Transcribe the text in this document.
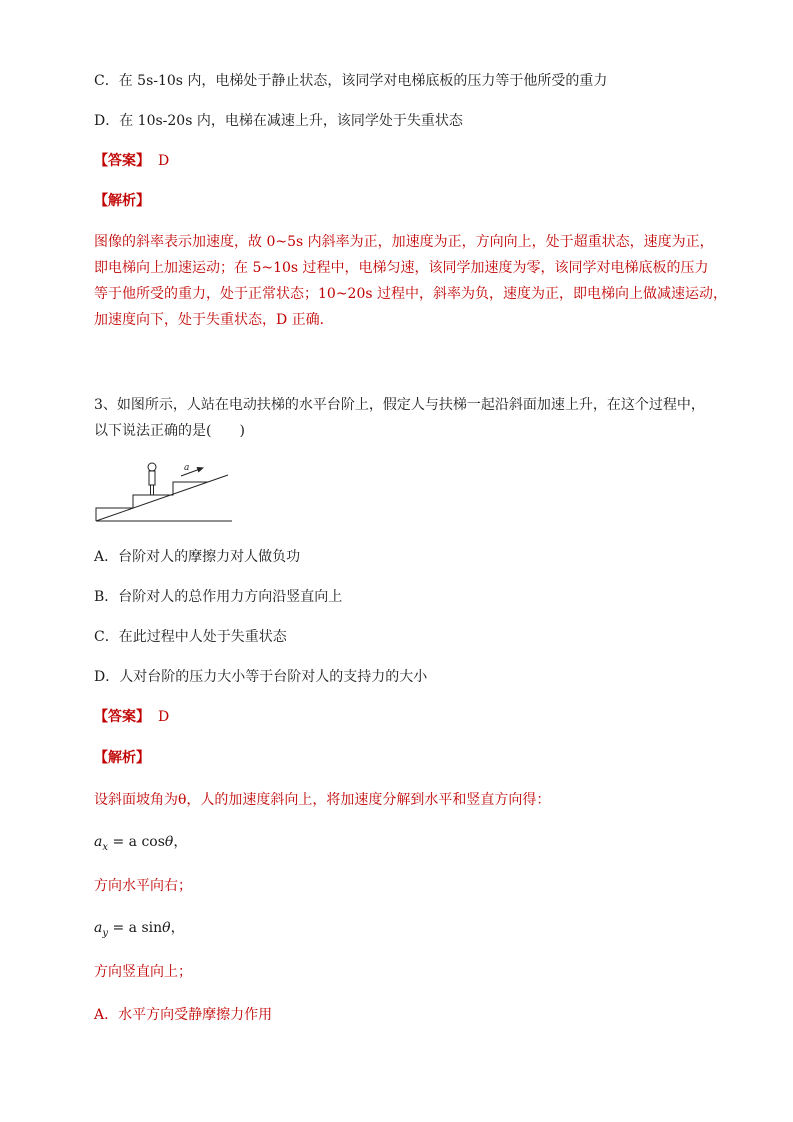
C．在 5s-10s 内，电梯处于静止状态，该同学对电梯底板的压力等于他所受的重力
D．在 10s-20s 内，电梯在减速上升，该同学处于失重状态
【答案】 D
【解析】
图像的斜率表示加速度，故 0~5s 内斜率为正，加速度为正，方向向上，处于超重状态，速度为正，
即电梯向上加速运动；在 5~10s 过程中，电梯匀速，该同学加速度为零，该同学对电梯底板的压力
等于他所受的重力，处于正常状态；10~20s 过程中，斜率为负，速度为正，即电梯向上做减速运动，
加速度向下，处于失重状态，D 正确．
3、如图所示，人站在电动扶梯的水平台阶上，假定人与扶梯一起沿斜面加速上升，在这个过程中，
以下说法正确的是(　　)
a
A．台阶对人的摩擦力对人做负功
B．台阶对人的总作用力方向沿竖直向上
C．在此过程中人处于失重状态
D．人对台阶的压力大小等于台阶对人的支持力的大小
【答案】 D
【解析】
设斜面坡角为θ，人的加速度斜向上，将加速度分解到水平和竖直方向得：
$a_x = a$ cosθ，
方向水平向右；
$a_y = a$ sinθ，
方向竖直向上；
A．水平方向受静摩擦力作用
